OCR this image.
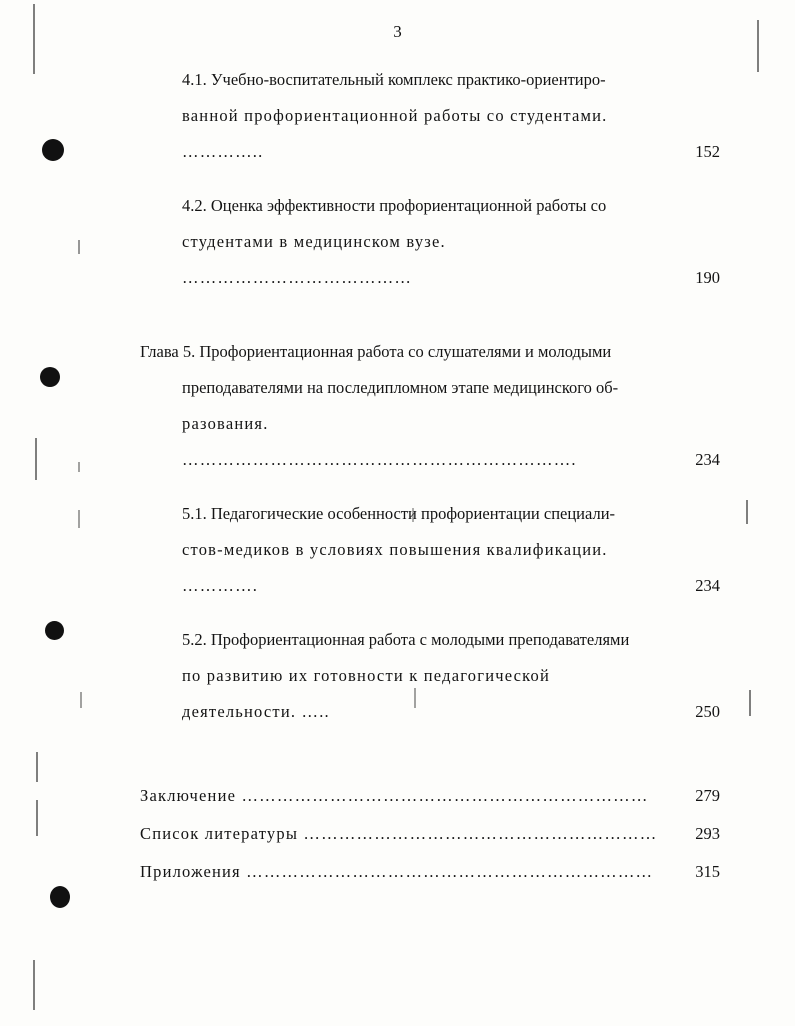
3
4.1. Учебно-воспитательный комплекс практико-ориентиро-
ванной профориентационной работы со студентами. …………..	152
4.2. Оценка эффективности профориентационной работы со
студентами в медицинском вузе. …………………………………	190
Глава 5. Профориентационная работа со слушателями и молодыми
преподавателями на последипломном этапе медицинского об-
разования. ………………………………………………………….	234
5.1. Педагогические особенности профориентации специали-
стов-медиков в условиях повышения квалификации. ………….	234
5.2. Профориентационная работа с молодыми преподавателями
по развитию их готовности к педагогической деятельности. …..	250
Заключение ……………………………………………………………	279
Список литературы ……………………………………………………	293
Приложения ……………………………………………………………	315
